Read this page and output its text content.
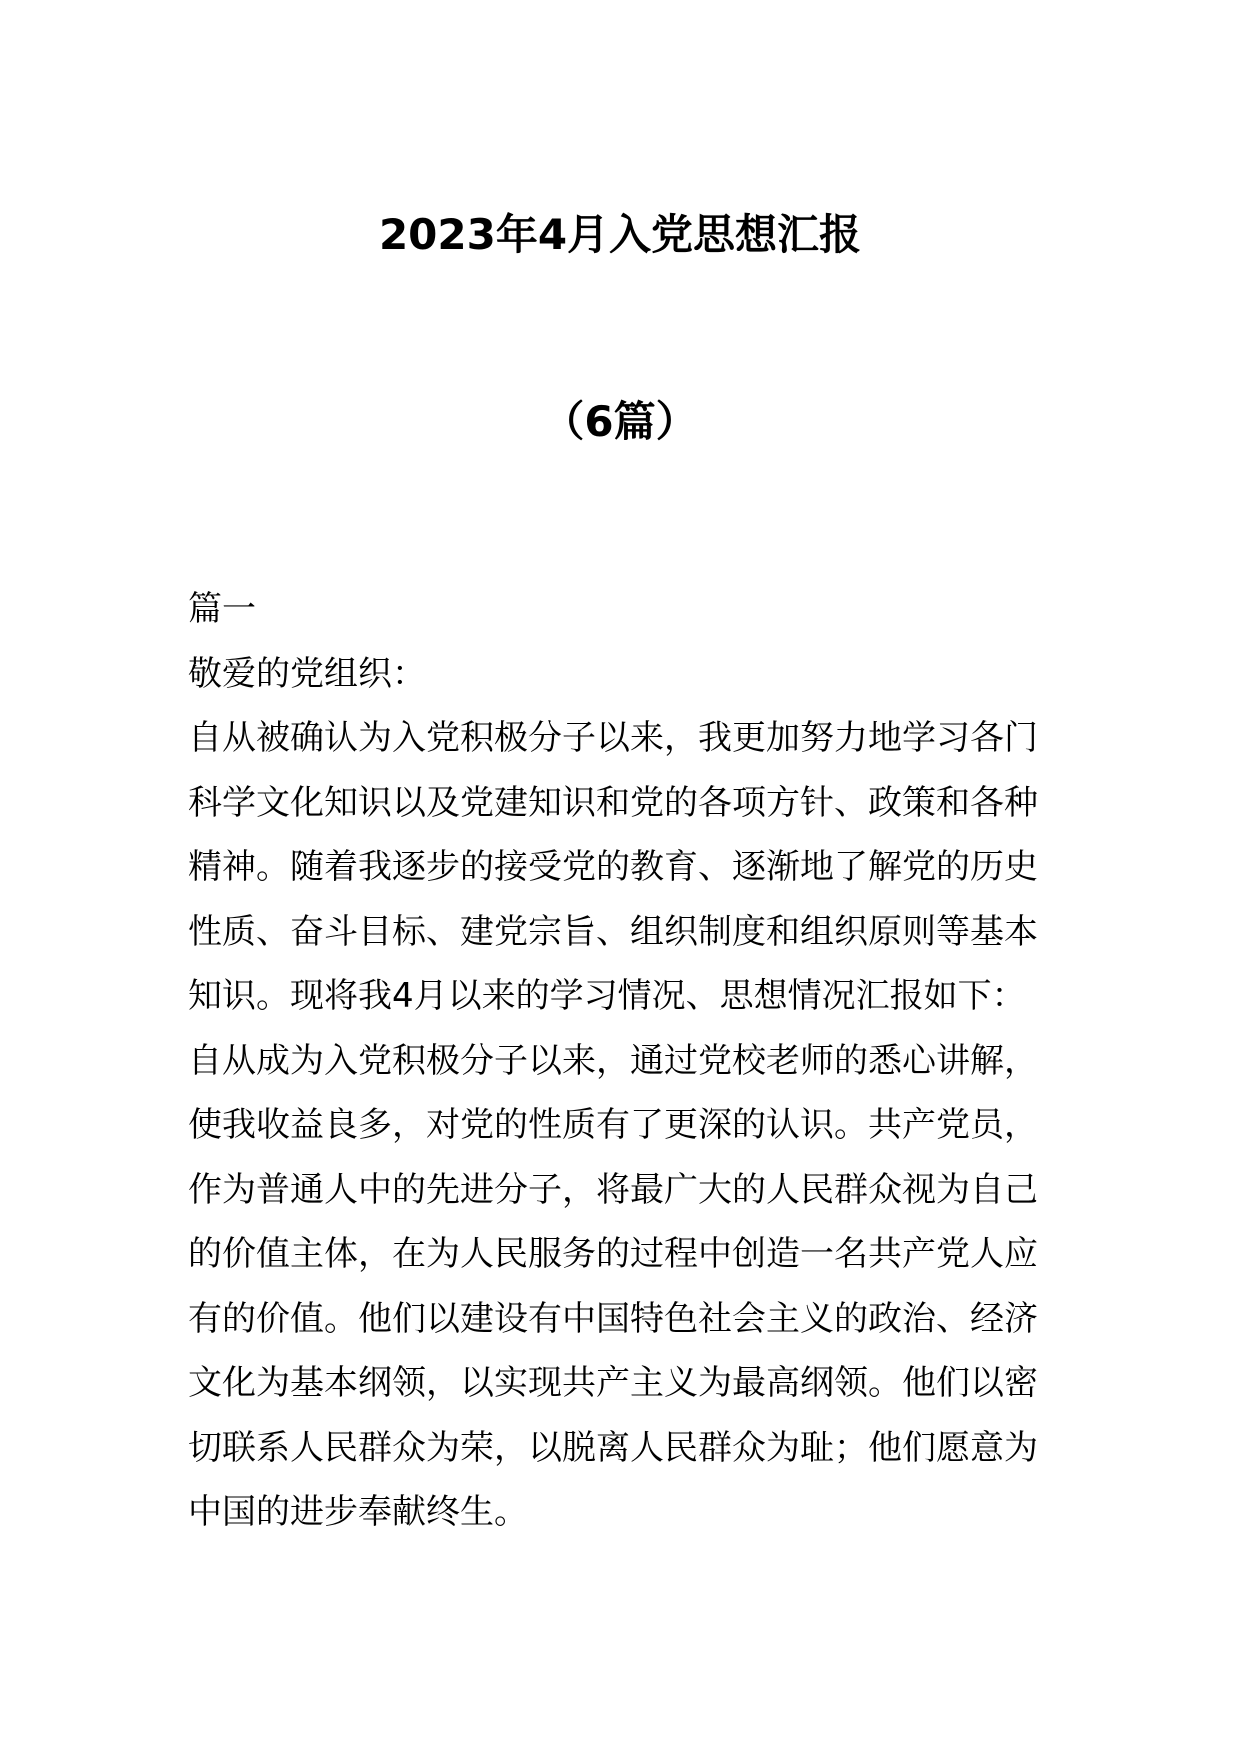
2023年4月入党思想汇报
（6篇）

篇一

敬爱的党组织：

自从被确认为入党积极分子以来，我更加努力地学习各门

科学文化知识以及党建知识和党的各项方针、政策和各种

精神。随着我逐步的接受党的教育、逐渐地了解党的历史

性质、奋斗目标、建党宗旨、组织制度和组织原则等基本

知识。现将我4月以来的学习情况、思想情况汇报如下：

自从成为入党积极分子以来，通过党校老师的悉心讲解，

使我收益良多，对党的性质有了更深的认识。共产党员，

作为普通人中的先进分子，将最广大的人民群众视为自己

的价值主体，在为人民服务的过程中创造一名共产党人应

有的价值。他们以建设有中国特色社会主义的政治、经济

文化为基本纲领，以实现共产主义为最高纲领。他们以密

切联系人民群众为荣，以脱离人民群众为耻；他们愿意为

中国的进步奉献终生。
